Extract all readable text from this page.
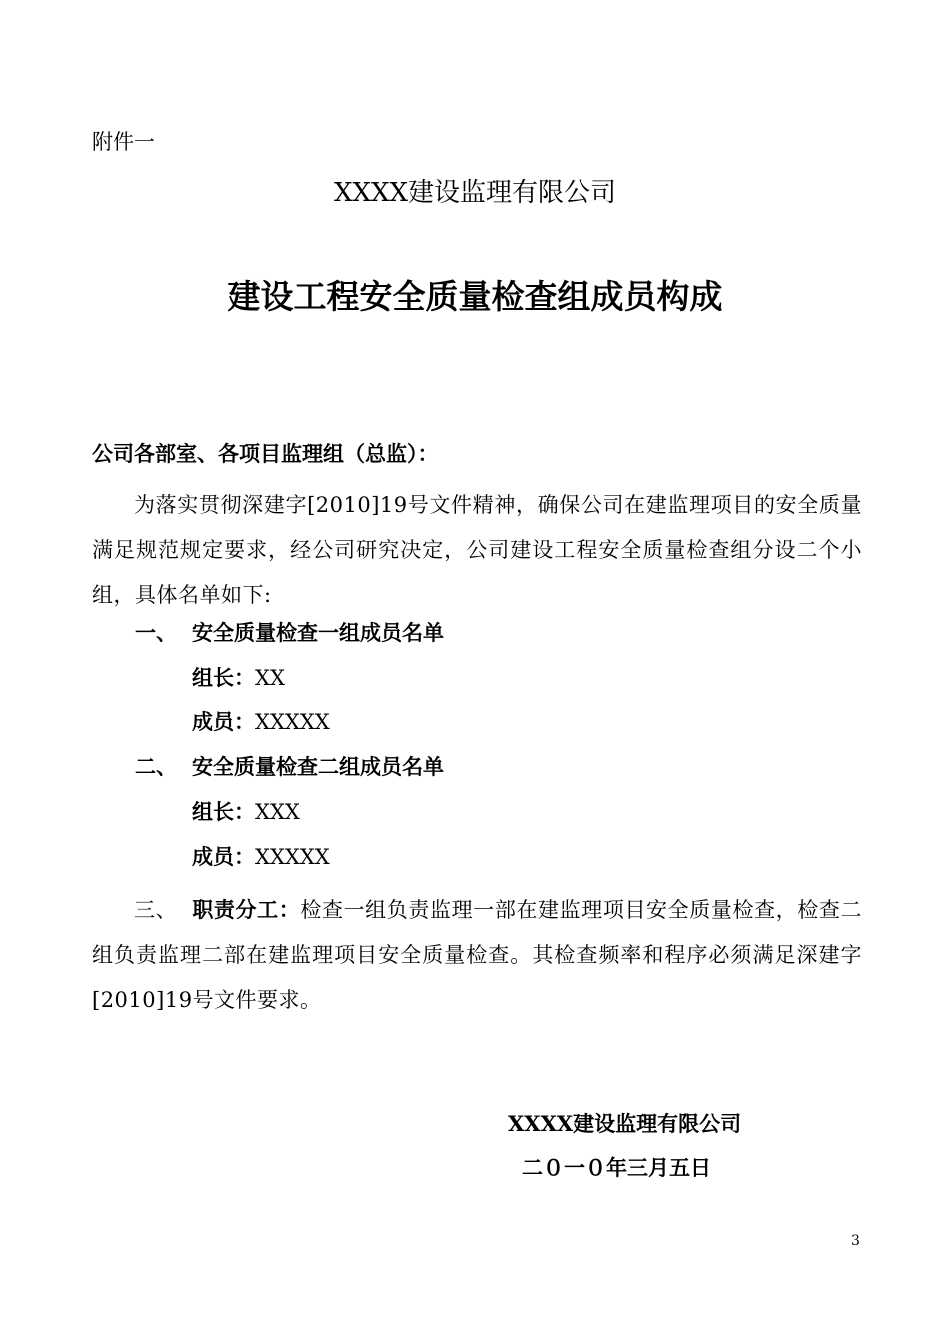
附件一
XXXX建设监理有限公司
建设工程安全质量检查组成员构成
公司各部室、各项目监理组（总监）：
为落实贯彻深建字[2010]19号文件精神，确保公司在建监理项目的安全质量满足规范规定要求，经公司研究决定，公司建设工程安全质量检查组分设二个小组，具体名单如下:
一、 安全质量检查一组成员名单
组长：XX
成员：XXXXX
二、 安全质量检查二组成员名单
组长：XXX
成员：XXXXX
三、 职责分工：检查一组负责监理一部在建监理项目安全质量检查，检查二组负责监理二部在建监理项目安全质量检查。其检查频率和程序必须满足深建字[2010]19号文件要求。
XXXX建设监理有限公司
二０一０年三月五日
3
